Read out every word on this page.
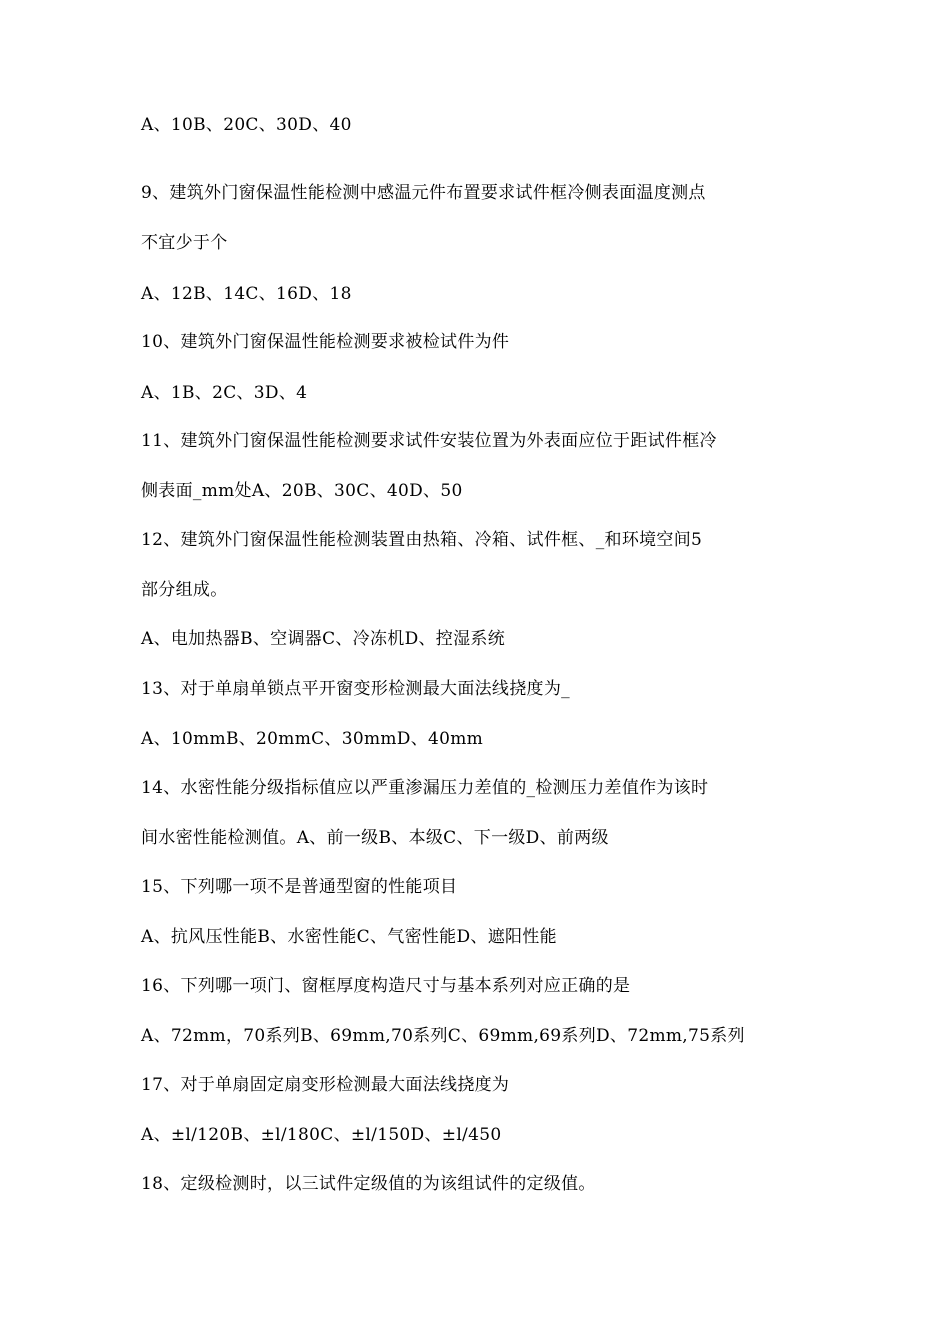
A、10B、20C、30D、40
9、建筑外门窗保温性能检测中感温元件布置要求试件框冷侧表面温度测点
不宜少于个
A、12B、14C、16D、18
10、建筑外门窗保温性能检测要求被检试件为件
A、1B、2C、3D、4
11、建筑外门窗保温性能检测要求试件安装位置为外表面应位于距试件框冷
侧表面_mm处A、20B、30C、40D、50
12、建筑外门窗保温性能检测装置由热箱、冷箱、试件框、_和环境空间5
部分组成。
A、电加热器B、空调器C、冷冻机D、控湿系统
13、对于单扇单锁点平开窗变形检测最大面法线挠度为_
A、10mmB、20mmC、30mmD、40mm
14、水密性能分级指标值应以严重渗漏压力差值的_检测压力差值作为该时
间水密性能检测值。A、前一级B、本级C、下一级D、前两级
15、下列哪一项不是普通型窗的性能项目
A、抗风压性能B、水密性能C、气密性能D、遮阳性能
16、下列哪一项门、窗框厚度构造尺寸与基本系列对应正确的是
A、72mm，70系列B、69mm,70系列C、69mm,69系列D、72mm,75系列
17、对于单扇固定扇变形检测最大面法线挠度为
A、±l/120B、±l/180C、±l/150D、±l/450
18、定级检测时，以三试件定级值的为该组试件的定级值。
